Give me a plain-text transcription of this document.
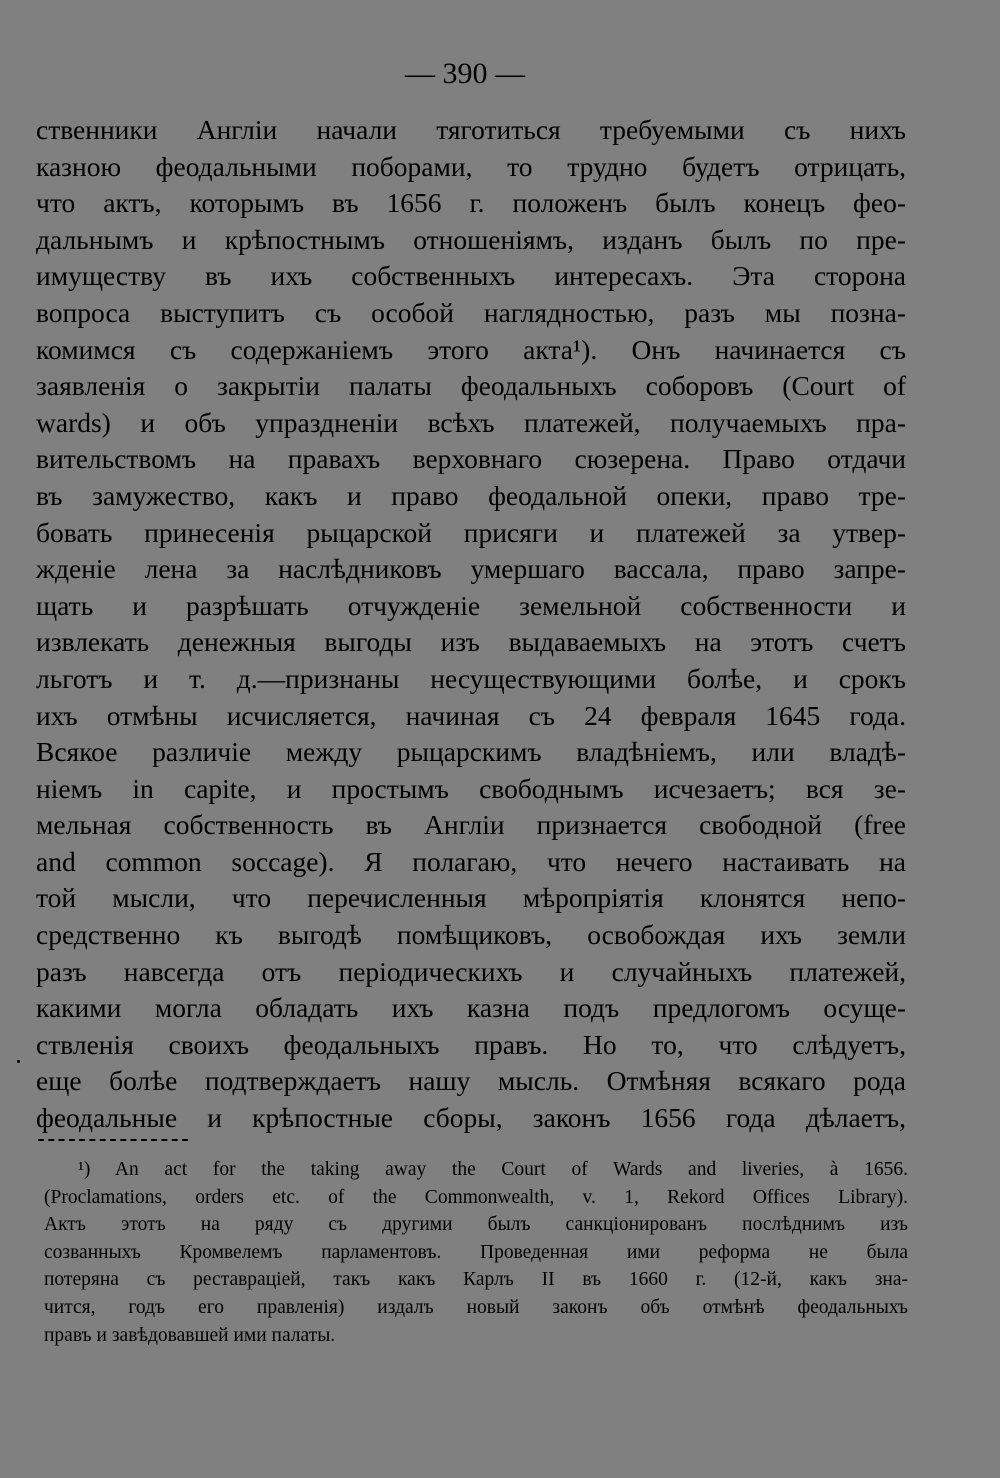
— 390 —
ственники Англіи начали тяготиться требуемыми съ нихъ
казною феодальными поборами, то трудно будетъ отрицать,
что актъ, которымъ въ 1656 г. положенъ былъ конецъ фео-
дальнымъ и крѣпостнымъ отношеніямъ, изданъ былъ по пре-
имуществу въ ихъ собственныхъ интересахъ. Эта сторона
вопроса выступитъ съ особой наглядностью, разъ мы позна-
комимся съ содержаніемъ этого акта¹). Онъ начинается съ
заявленія о закрытіи палаты феодальныхъ соборовъ (Court of
wards) и объ упраздненіи всѣхъ платежей, получаемыхъ пра-
вительствомъ на правахъ верховнаго сюзерена. Право отдачи
въ замужество, какъ и право феодальной опеки, право тре-
бовать принесенія рыцарской присяги и платежей за утвер-
жденіе лена за наслѣдниковъ умершаго вассала, право запре-
щать и разрѣшать отчужденіе земельной собственности и
извлекать денежныя выгоды изъ выдаваемыхъ на этотъ счетъ
льготъ и т. д.—признаны несуществующими болѣе, и срокъ
ихъ отмѣны исчисляется, начиная съ 24 февраля 1645 года.
Всякое различіе между рыцарскимъ владѣніемъ, или владѣ-
ніемъ in capite, и простымъ свободнымъ исчезаетъ; вся зе-
мельная собственность въ Англіи признается свободной (free
and common soccage). Я полагаю, что нечего настаивать на
той мысли, что перечисленныя мѣропріятія клонятся непо-
средственно къ выгодѣ помѣщиковъ, освобождая ихъ земли
разъ навсегда отъ періодическихъ и случайныхъ платежей,
какими могла обладать ихъ казна подъ предлогомъ осуще-
ствленія своихъ феодальныхъ правъ. Но то, что слѣдуетъ,
еще болѣе подтверждаетъ нашу мысль. Отмѣняя всякаго рода
феодальные и крѣпостные сборы, законъ 1656 года дѣлаетъ,
¹) An act for the taking away the Court of Wards and liveries, à 1656.
(Proclamations, orders etc. of the Commonwealth, v. 1, Rekord Offices Library).
Актъ этотъ на ряду съ другими былъ санкціонированъ послѣднимъ изъ
созванныхъ Кромвелемъ парламентовъ. Проведенная ими реформа не была
потеряна съ реставраціей, такъ какъ Карлъ II въ 1660 г. (12-й, какъ зна-
чится, годъ его правленія) издалъ новый законъ объ отмѣнѣ феодальныхъ
правъ и завѣдовавшей ими палаты.
